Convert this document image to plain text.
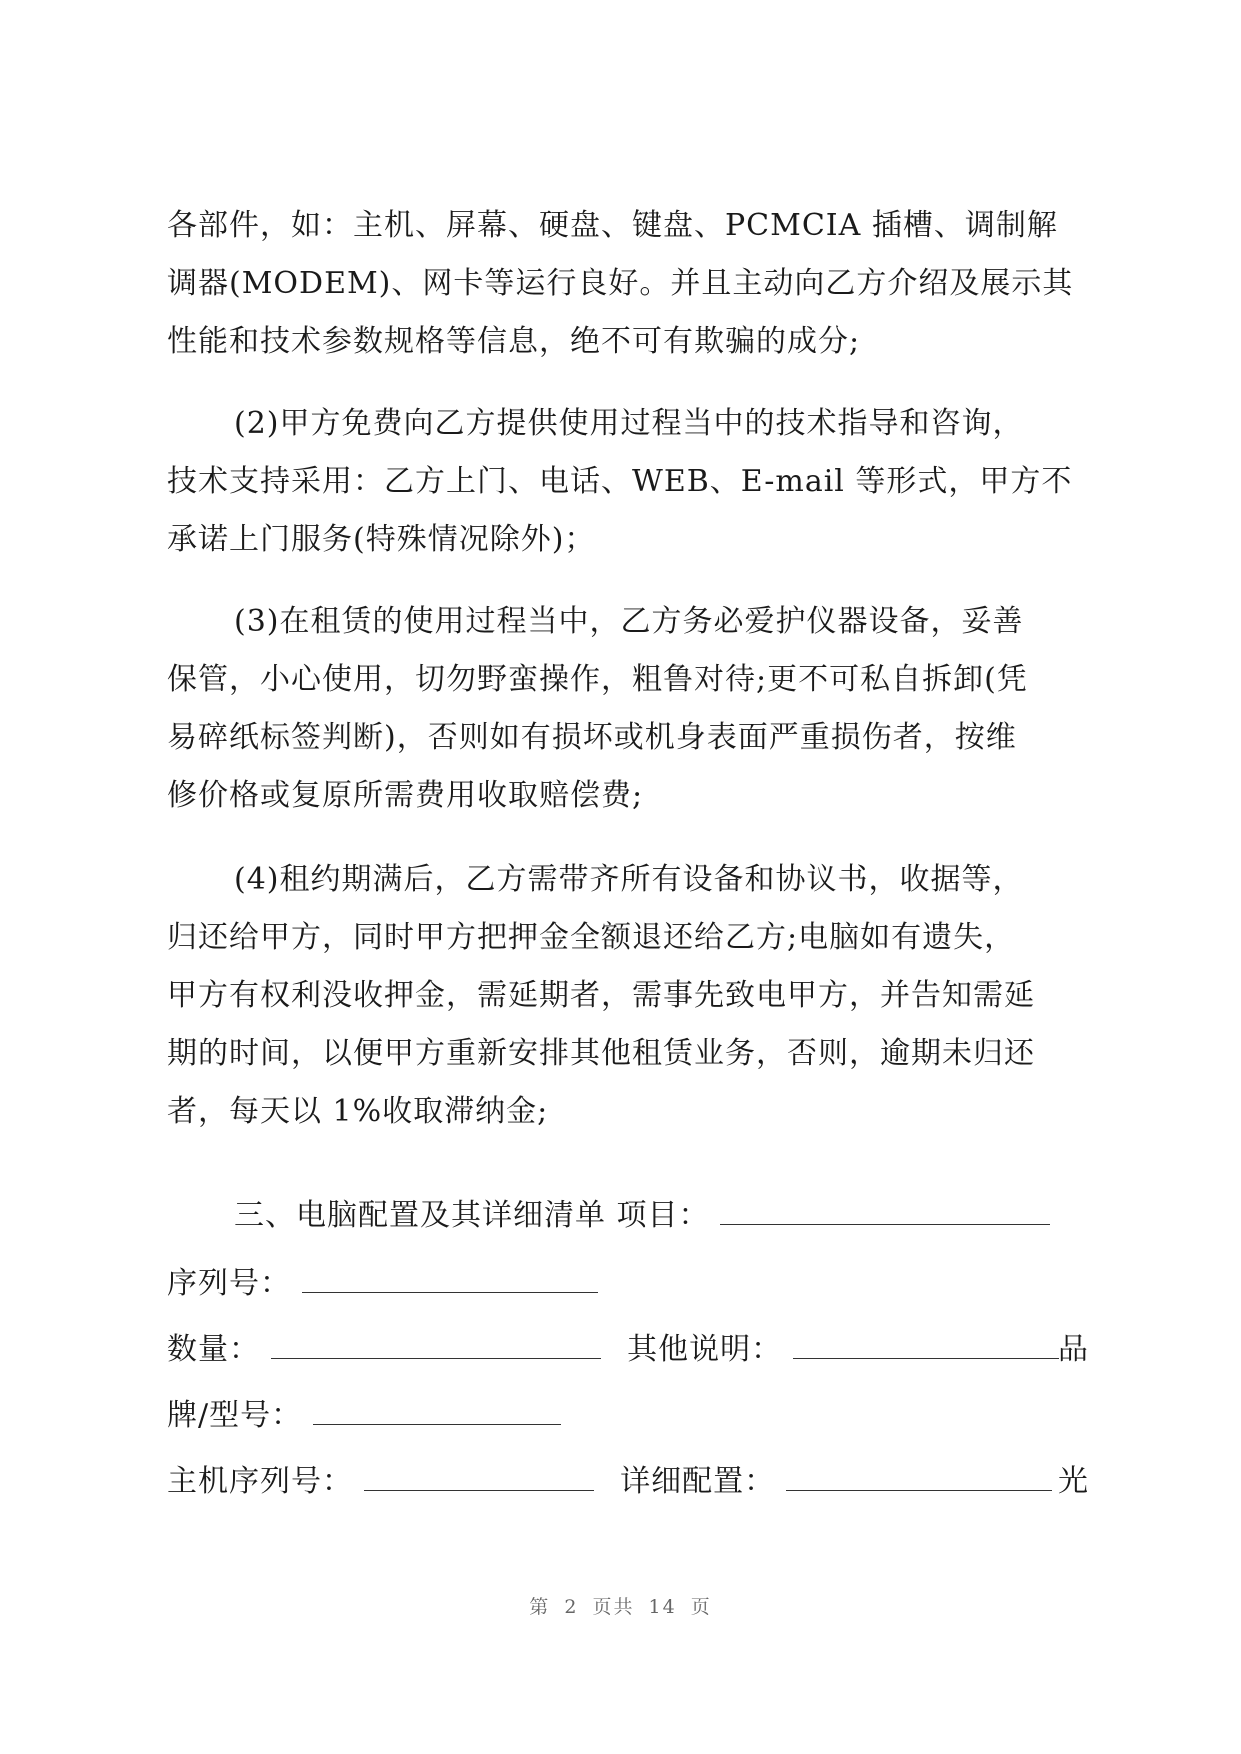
各部件，如：主机、屏幕、硬盘、键盘、PCMCIA 插槽、调制解
调器(MODEM)、网卡等运行良好。并且主动向乙方介绍及展示其
性能和技术参数规格等信息，绝不可有欺骗的成分;
(2)甲方免费向乙方提供使用过程当中的技术指导和咨询，
技术支持采用：乙方上门、电话、WEB、E-mail 等形式，甲方不
承诺上门服务(特殊情况除外)；
(3)在租赁的使用过程当中，乙方务必爱护仪器设备，妥善
保管，小心使用，切勿野蛮操作，粗鲁对待;更不可私自拆卸(凭
易碎纸标签判断)，否则如有损坏或机身表面严重损伤者，按维
修价格或复原所需费用收取赔偿费;
(4)租约期满后，乙方需带齐所有设备和协议书，收据等，
归还给甲方，同时甲方把押金全额退还给乙方;电脑如有遗失，
甲方有权利没收押金，需延期者，需事先致电甲方，并告知需延
期的时间，以便甲方重新安排其他租赁业务，否则，逾期未归还
者，每天以 1%收取滞纳金;
三、电脑配置及其详细清单 项目：
序列号：
数量：	其他说明：	品
牌/型号：
主机序列号：	详细配置：	光
第 2 页共 14 页
